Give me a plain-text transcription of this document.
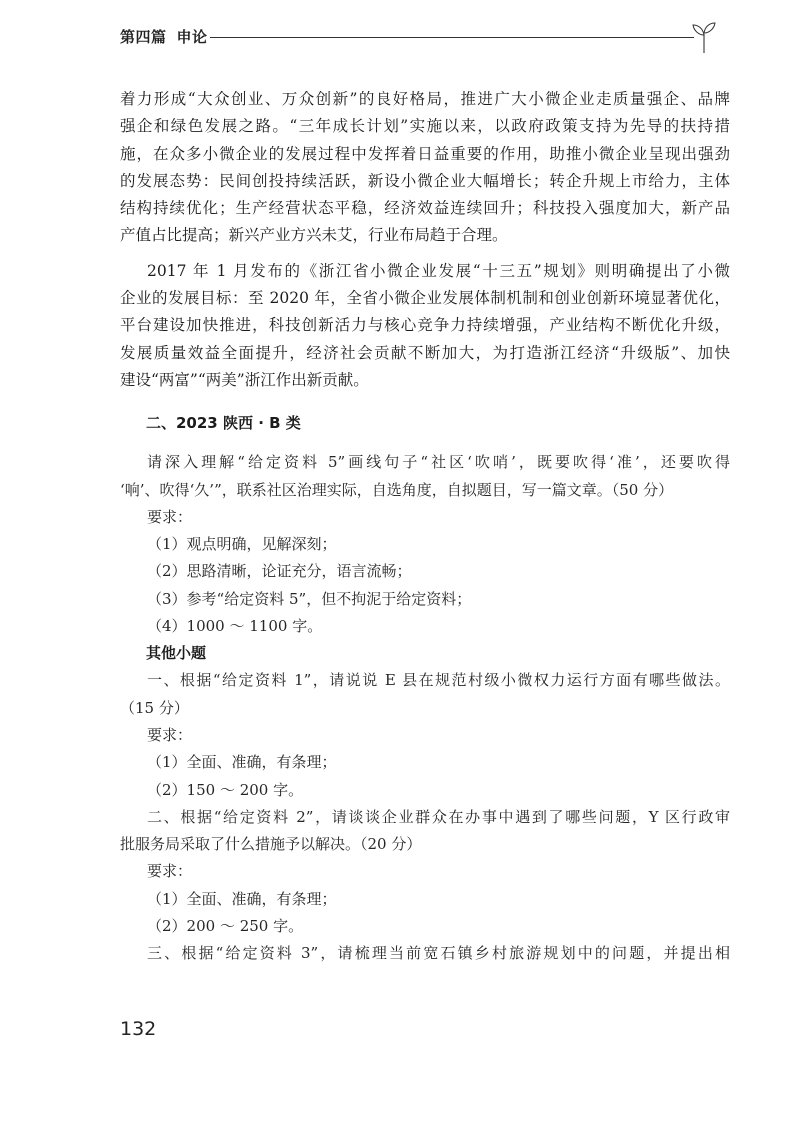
第四篇 申论
着力形成“大众创业、万众创新”的良好格局，推进广大小微企业走质量强企、品牌
强企和绿色发展之路。“三年成长计划”实施以来，以政府政策支持为先导的扶持措
施，在众多小微企业的发展过程中发挥着日益重要的作用，助推小微企业呈现出强劲
的发展态势：民间创投持续活跃，新设小微企业大幅增长；转企升规上市给力，主体
结构持续优化；生产经营状态平稳，经济效益连续回升；科技投入强度加大，新产品
产值占比提高；新兴产业方兴未艾，行业布局趋于合理。
2017 年 1 月发布的《浙江省小微企业发展“十三五”规划》则明确提出了小微
企业的发展目标：至 2020 年，全省小微企业发展体制机制和创业创新环境显著优化，
平台建设加快推进，科技创新活力与核心竞争力持续增强，产业结构不断优化升级，
发展质量效益全面提升，经济社会贡献不断加大，为打造浙江经济“升级版”、加快
建设“两富”“两美”浙江作出新贡献。
二、2023 陕西 · B 类
请深入理解“给定资料 5”画线句子“社区‘吹哨’，既要吹得‘准’，还要吹得
‘响’、吹得‘久’”，联系社区治理实际，自选角度，自拟题目，写一篇文章。（50 分）
要求：
（1）观点明确，见解深刻；
（2）思路清晰，论证充分，语言流畅；
（3）参考“给定资料 5”，但不拘泥于给定资料；
（4）1000 ～ 1100 字。
其他小题
一、根据“给定资料 1”，请说说 E 县在规范村级小微权力运行方面有哪些做法。
（15 分）
要求：
（1）全面、准确，有条理；
（2）150 ～ 200 字。
二、根据“给定资料 2”，请谈谈企业群众在办事中遇到了哪些问题，Y 区行政审
批服务局采取了什么措施予以解决。（20 分）
要求：
（1）全面、准确，有条理；
（2）200 ～ 250 字。
三、根据“给定资料 3”，请梳理当前宽石镇乡村旅游规划中的问题，并提出相
132
